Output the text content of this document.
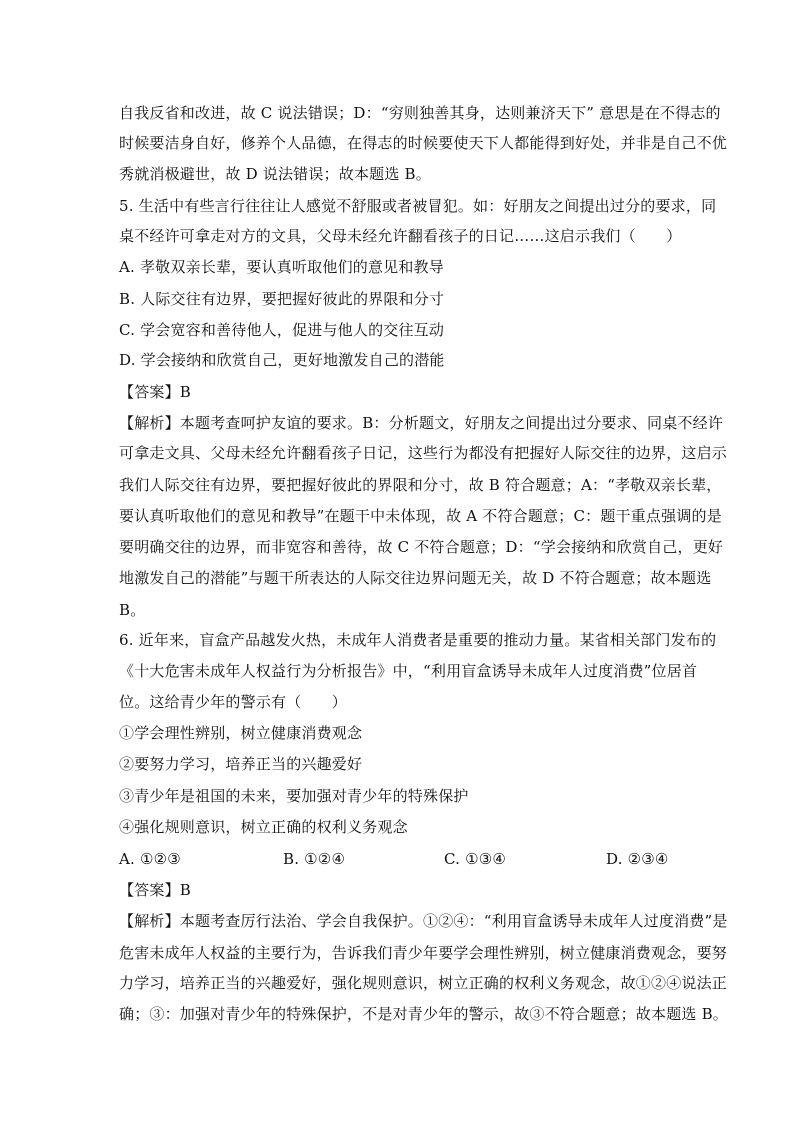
自我反省和改进，故 C 说法错误；D：“穷则独善其身，达则兼济天下” 意思是在不得志的
时候要洁身自好，修养个人品德，在得志的时候要使天下人都能得到好处，并非是自己不优
秀就消极避世，故 D 说法错误；故本题选 B。
5. 生活中有些言行往往让人感觉不舒服或者被冒犯。如：好朋友之间提出过分的要求，同
桌不经许可拿走对方的文具，父母未经允许翻看孩子的日记……这启示我们（　　）
A. 孝敬双亲长辈，要认真听取他们的意见和教导
B. 人际交往有边界，要把握好彼此的界限和分寸
C. 学会宽容和善待他人，促进与他人的交往互动
D. 学会接纳和欣赏自己，更好地激发自己的潜能
【答案】B
【解析】本题考查呵护友谊的要求。B：分析题文，好朋友之间提出过分要求、同桌不经许
可拿走文具、父母未经允许翻看孩子日记，这些行为都没有把握好人际交往的边界，这启示
我们人际交往有边界，要把握好彼此的界限和分寸，故 B 符合题意；A：“孝敬双亲长辈，
要认真听取他们的意见和教导”在题干中未体现，故 A 不符合题意；C：题干重点强调的是
要明确交往的边界，而非宽容和善待，故 C 不符合题意；D：“学会接纳和欣赏自己，更好
地激发自己的潜能”与题干所表达的人际交往边界问题无关，故 D 不符合题意；故本题选
B。
6. 近年来，盲盒产品越发火热，未成年人消费者是重要的推动力量。某省相关部门发布的
《十大危害未成年人权益行为分析报告》中，“利用盲盒诱导未成年人过度消费”位居首
位。这给青少年的警示有（　　）
①学会理性辨别，树立健康消费观念
②要努力学习，培养正当的兴趣爱好
③青少年是祖国的未来，要加强对青少年的特殊保护
④强化规则意识，树立正确的权利义务观念
A. ①②③	B. ①②④	C. ①③④	D. ②③④
【答案】B
【解析】本题考查厉行法治、学会自我保护。①②④：“利用盲盒诱导未成年人过度消费”是
危害未成年人权益的主要行为，告诉我们青少年要学会理性辨别，树立健康消费观念，要努
力学习，培养正当的兴趣爱好，强化规则意识，树立正确的权利义务观念，故①②④说法正
确；③：加强对青少年的特殊保护，不是对青少年的警示，故③不符合题意；故本题选 B。
